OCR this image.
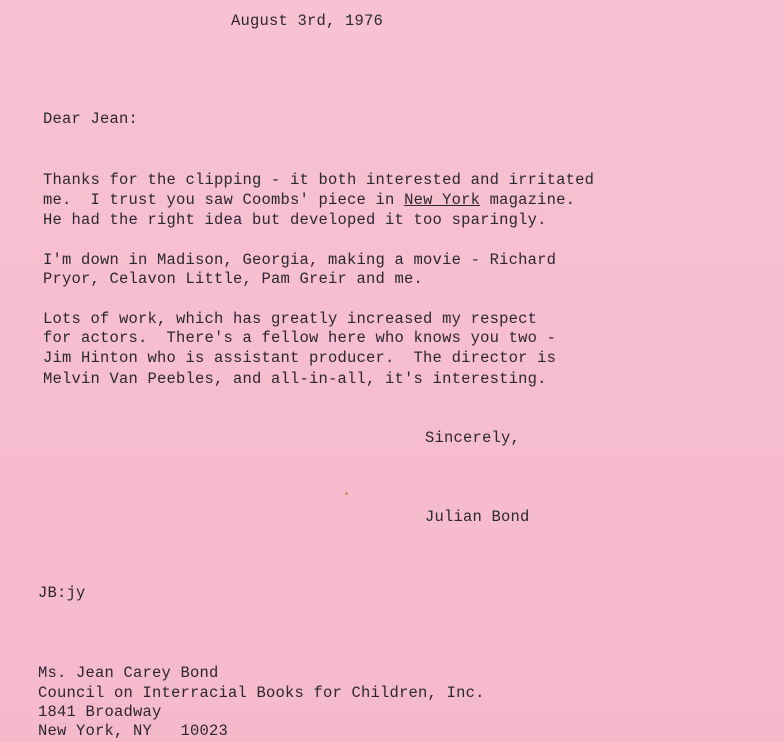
August 3rd, 1976
Dear Jean:
Thanks for the clipping - it both interested and irritated
me.  I trust you saw Coombs' piece in New York magazine.
He had the right idea but developed it too sparingly.
I'm down in Madison, Georgia, making a movie - Richard
Pryor, Celavon Little, Pam Greir and me.
Lots of work, which has greatly increased my respect
for actors.  There's a fellow here who knows you two -
Jim Hinton who is assistant producer.  The director is
Melvin Van Peebles, and all-in-all, it's interesting.
Sincerely,
Julian Bond
JB:jy
Ms. Jean Carey Bond
Council on Interracial Books for Children, Inc.
1841 Broadway
New York, NY   10023
